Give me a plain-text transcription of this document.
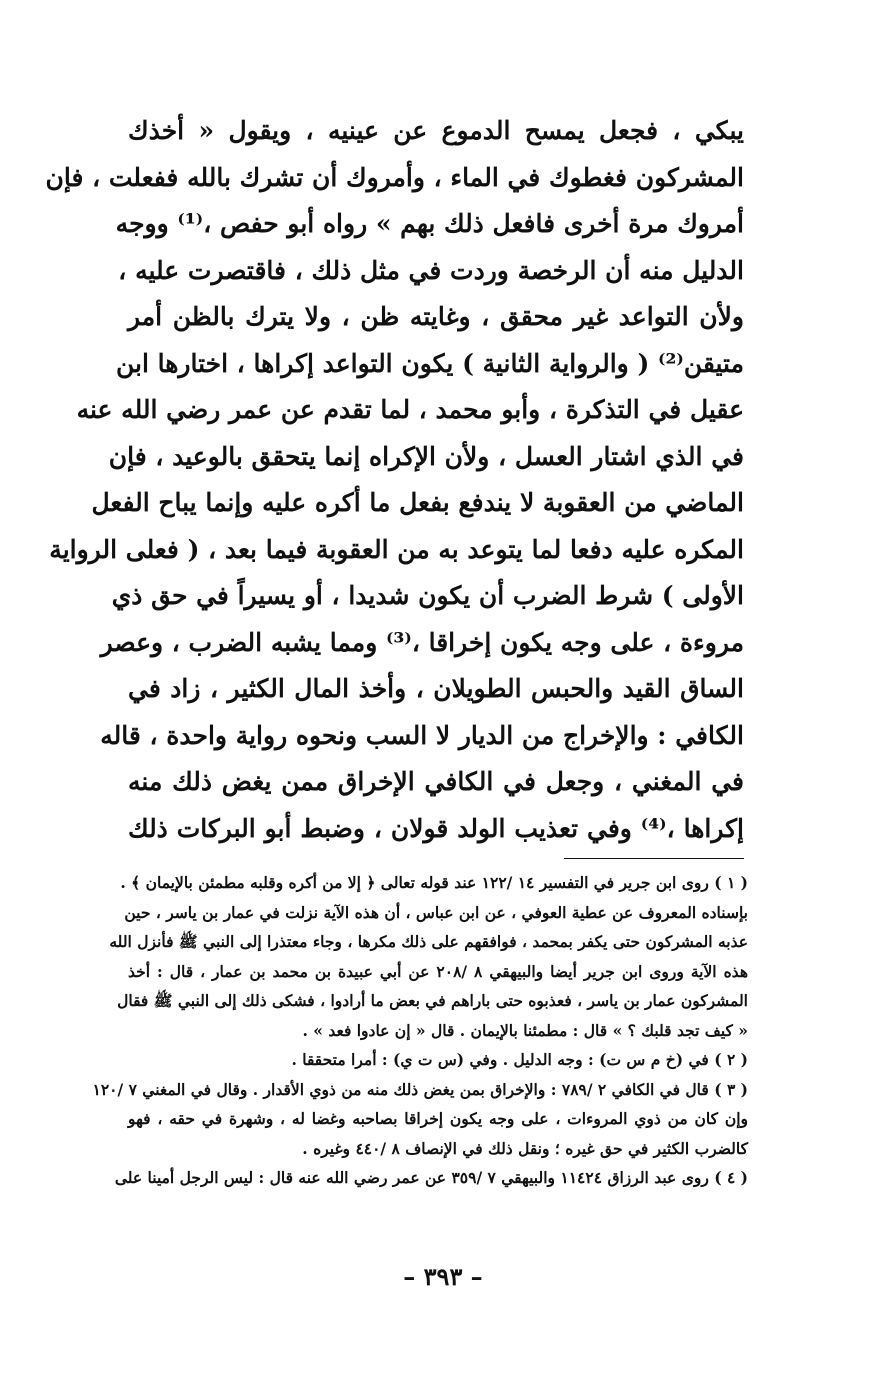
يبكي ، فجعل يمسح الدموع عن عينيه ، ويقول « أخذك
المشركون فغطوك في الماء ، وأمروك أن تشرك بالله ففعلت ، فإن
أمروك مرة أخرى فافعل ذلك بهم » رواه أبو حفص ،⁽¹⁾ ووجه
الدليل منه أن الرخصة وردت في مثل ذلك ، فاقتصرت عليه ،
ولأن التواعد غير محقق ، وغايته ظن ، ولا يترك بالظن أمر
متيقن⁽²⁾ ( والرواية الثانية ) يكون التواعد إكراها ، اختارها ابن
عقيل في التذكرة ، وأبو محمد ، لما تقدم عن عمر رضي الله عنه
في الذي اشتار العسل ، ولأن الإكراه إنما يتحقق بالوعيد ، فإن
الماضي من العقوبة لا يندفع بفعل ما أكره عليه وإنما يباح الفعل
المكره عليه دفعا لما يتوعد به من العقوبة فيما بعد ، ( فعلى الرواية
الأولى ) شرط الضرب أن يكون شديدا ، أو يسيراً في حق ذي
مروءة ، على وجه يكون إخراقا ،⁽³⁾ ومما يشبه الضرب ، وعصر
الساق القيد والحبس الطويلان ، وأخذ المال الكثير ، زاد في
الكافي : والإخراج من الديار لا السب ونحوه رواية واحدة ، قاله
في المغني ، وجعل في الكافي الإخراق ممن يغض ذلك منه
إكراها ،⁽⁴⁾ وفي تعذيب الولد قولان ، وضبط أبو البركات ذلك
( ١ ) روى ابن جرير في التفسير ١٤ /١٢٢ عند قوله تعالى ﴿ إلا من أكره وقلبه مطمئن بالإيمان ﴾ .
بإسناده المعروف عن عطية العوفي ، عن ابن عباس ، أن هذه الآية نزلت في عمار بن ياسر ، حين
عذبه المشركون حتى يكفر بمحمد ، فوافقهم على ذلك مكرها ، وجاء معتذرا إلى النبي ﷺ فأنزل الله
هذه الآية وروى ابن جرير أيضا والبيهقي ٨ /٢٠٨ عن أبي عبيدة بن محمد بن عمار ، قال : أخذ
المشركون عمار بن ياسر ، فعذبوه حتى باراهم في بعض ما أرادوا ، فشكى ذلك إلى النبي ﷺ فقال
« كيف تجد قلبك ؟ » قال : مطمئنا بالإيمان . قال « إن عادوا فعد » .
( ٢ ) في (خ م س ت) : وجه الدليل . وفي (س ت ي) : أمرا متحققا .
( ٣ ) قال في الكافي ٢ /٧٨٩ : والإخراق بمن يغض ذلك منه من ذوي الأقدار . وقال في المغني ٧ /١٢٠
وإن كان من ذوي المروءات ، على وجه يكون إخراقا بصاحبه وغضا له ، وشهرة في حقه ، فهو
كالضرب الكثير في حق غيره ؛ ونقل ذلك في الإنصاف ٨ /٤٤٠ وغيره .
( ٤ ) روى عبد الرزاق ١١٤٢٤ والبيهقي ٧ /٣٥٩ عن عمر رضي الله عنه قال : ليس الرجل أمينا على
– ٣٩٣ –
